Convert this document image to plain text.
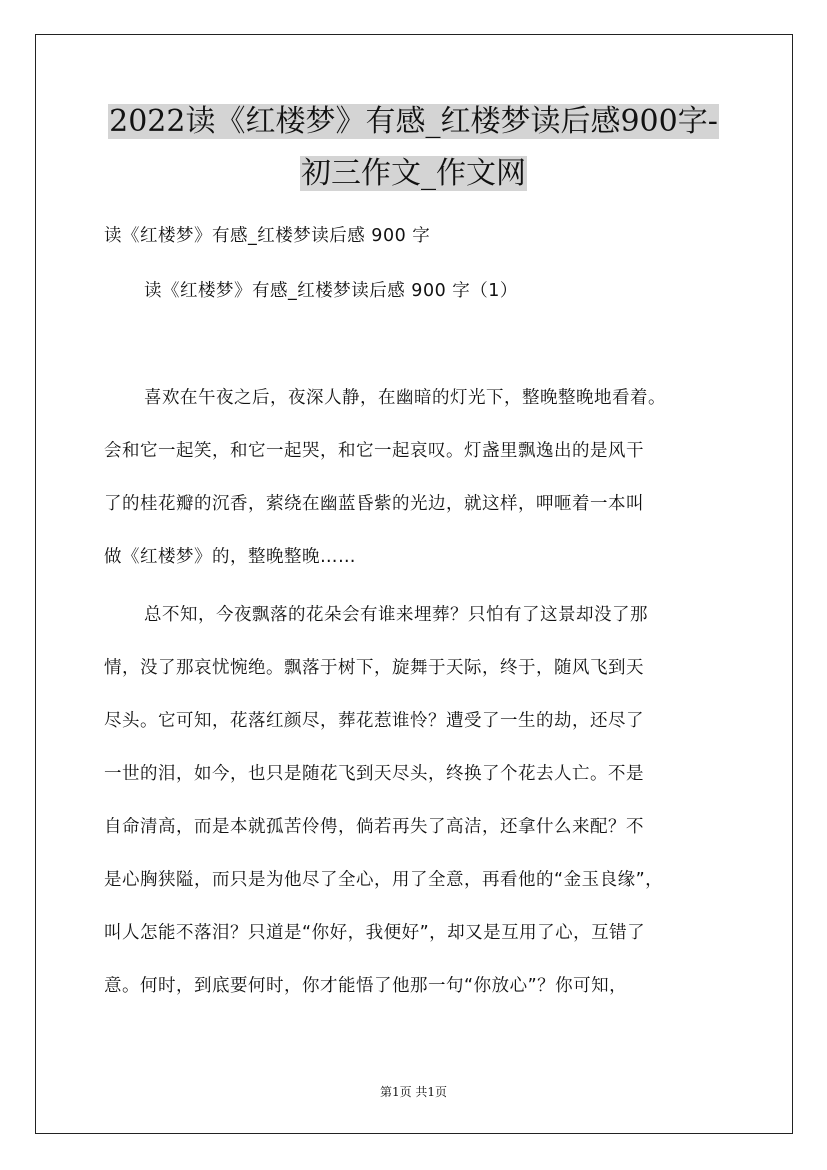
2022读《红楼梦》有感_红楼梦读后感900字-
初三作文_作文网
读《红楼梦》有感_红楼梦读后感 900 字
读《红楼梦》有感_红楼梦读后感 900 字（1）
喜欢在午夜之后，夜深人静，在幽暗的灯光下，整晚整晚地看着。
会和它一起笑，和它一起哭，和它一起哀叹。灯盏里飘逸出的是风干
了的桂花瓣的沉香，萦绕在幽蓝昏紫的光边，就这样，呷咂着一本叫
做《红楼梦》的，整晚整晚……
总不知，今夜飘落的花朵会有谁来埋葬？只怕有了这景却没了那
情，没了那哀忧惋绝。飘落于树下，旋舞于天际，终于，随风飞到天
尽头。它可知，花落红颜尽，葬花惹谁怜？遭受了一生的劫，还尽了
一世的泪，如今，也只是随花飞到天尽头，终换了个花去人亡。不是
自命清高，而是本就孤苦伶俜，倘若再失了高洁，还拿什么来配？不
是心胸狭隘，而只是为他尽了全心，用了全意，再看他的“金玉良缘”，
叫人怎能不落泪？只道是“你好，我便好”，却又是互用了心，互错了
意。何时，到底要何时，你才能悟了他那一句“你放心”？你可知，
第1页 共1页
